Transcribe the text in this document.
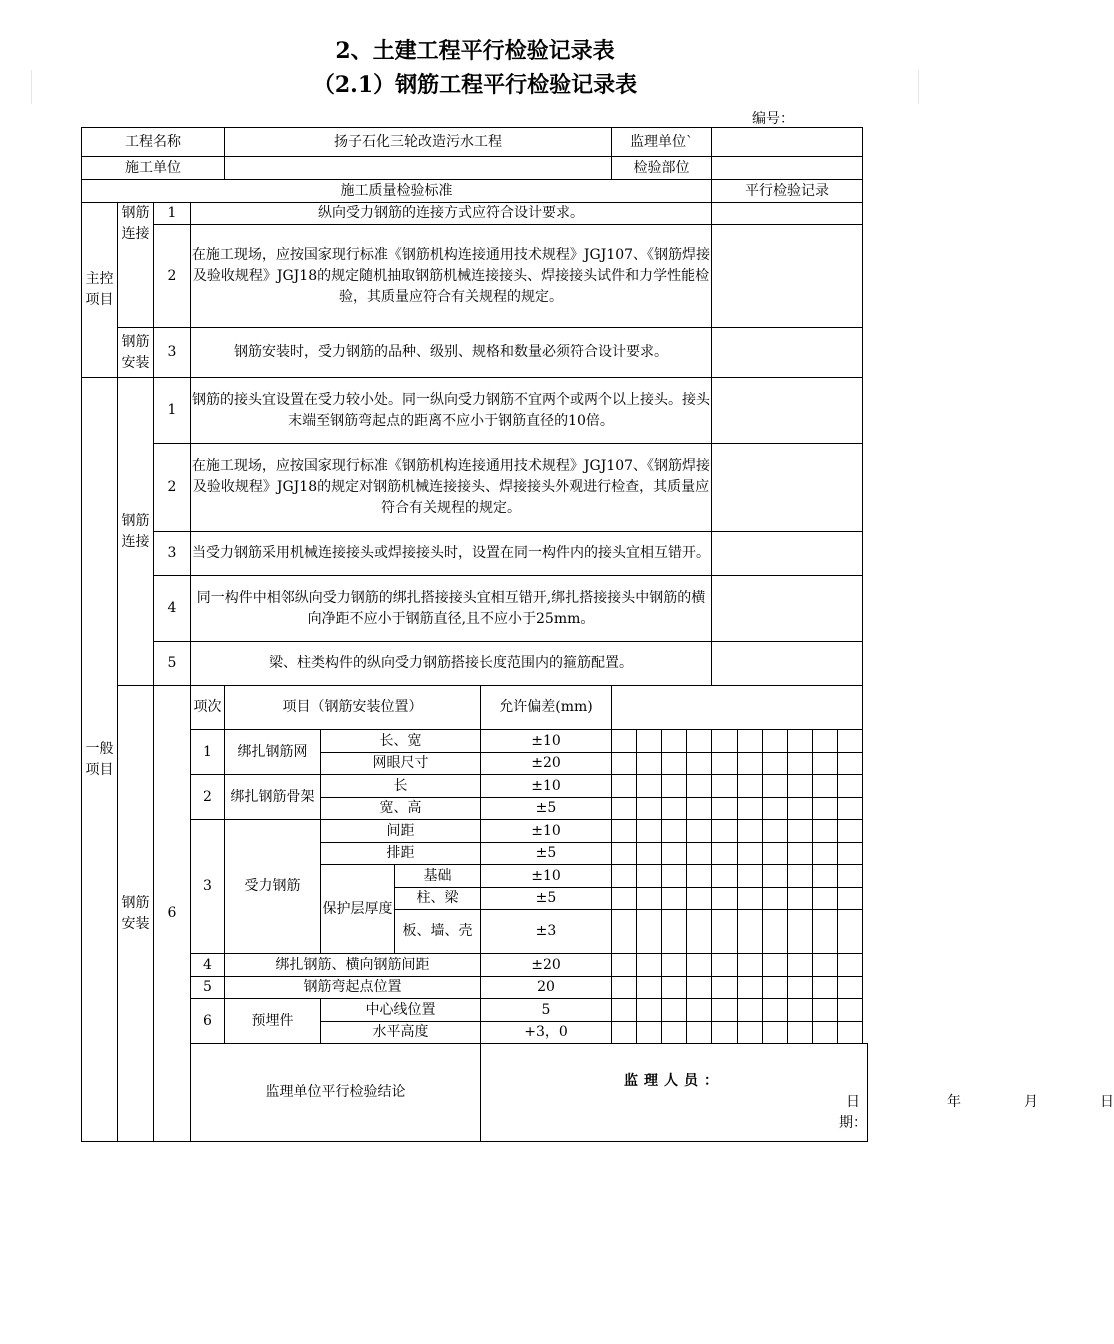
2、土建工程平行检验记录表
（2.1）钢筋工程平行检验记录表
编号：
工程名称				扬子石化三轮改造污水工程				监理单位`									
施工单位								检验部位									
施工质量检验标准												平行检验记录					
主控项目	钢筋连接	1	纵向受力钢筋的连接方式应符合设计要求。														
		2	在施工现场，应按国家现行标准《钢筋机构连接通用技术规程》JGJ107、《钢筋焊接及验收规程》JGJ18的规定随机抽取钢筋机械连接接头、焊接接头试件和力学性能检验，其质量应符合有关规程的规定。														
	钢筋安装	3	钢筋安装时，受力钢筋的品种、级别、规格和数量必须符合设计要求。														
一般项目	钢筋连接	1	钢筋的接头宜设置在受力较小处。同一纵向受力钢筋不宜两个或两个以上接头。接头末端至钢筋弯起点的距离不应小于钢筋直径的10倍。														
		2	在施工现场，应按国家现行标准《钢筋机构连接通用技术规程》JGJ107、《钢筋焊接及验收规程》JGJ18的规定对钢筋机械连接接头、焊接接头外观进行检查，其质量应符合有关规程的规定。														
		3	当受力钢筋采用机械连接接头或焊接接头时，设置在同一构件内的接头宜相互错开。														
		4	同一构件中相邻纵向受力钢筋的绑扎搭接接头宜相互错开,绑扎搭接接头中钢筋的横向净距不应小于钢筋直径,且不应小于25mm。														
		5	梁、柱类构件的纵向受力钢筋搭接长度范围内的箍筋配置。														
	钢筋安装	6	项次	项目（钢筋安装位置）			允许偏差(mm)										
			1	绑扎钢筋网	长、宽		±10										
					网眼尺寸		±20										
			2	绑扎钢筋骨架	长		±10										
					宽、高		±5										
			3	受力钢筋	间距		±10										
					排距		±5										
					保护层厚度	基础	±10										
						柱、梁	±5										
						板、墙、壳	±3										
			4	绑扎钢筋、横向钢筋间距			±20										
			5	钢筋弯起点位置			20										
			6	预埋件	中心线位置		5										
					水平高度		+3，0										
			监理单位平行检验结论				监理人员：
日期：
年 月 日										
